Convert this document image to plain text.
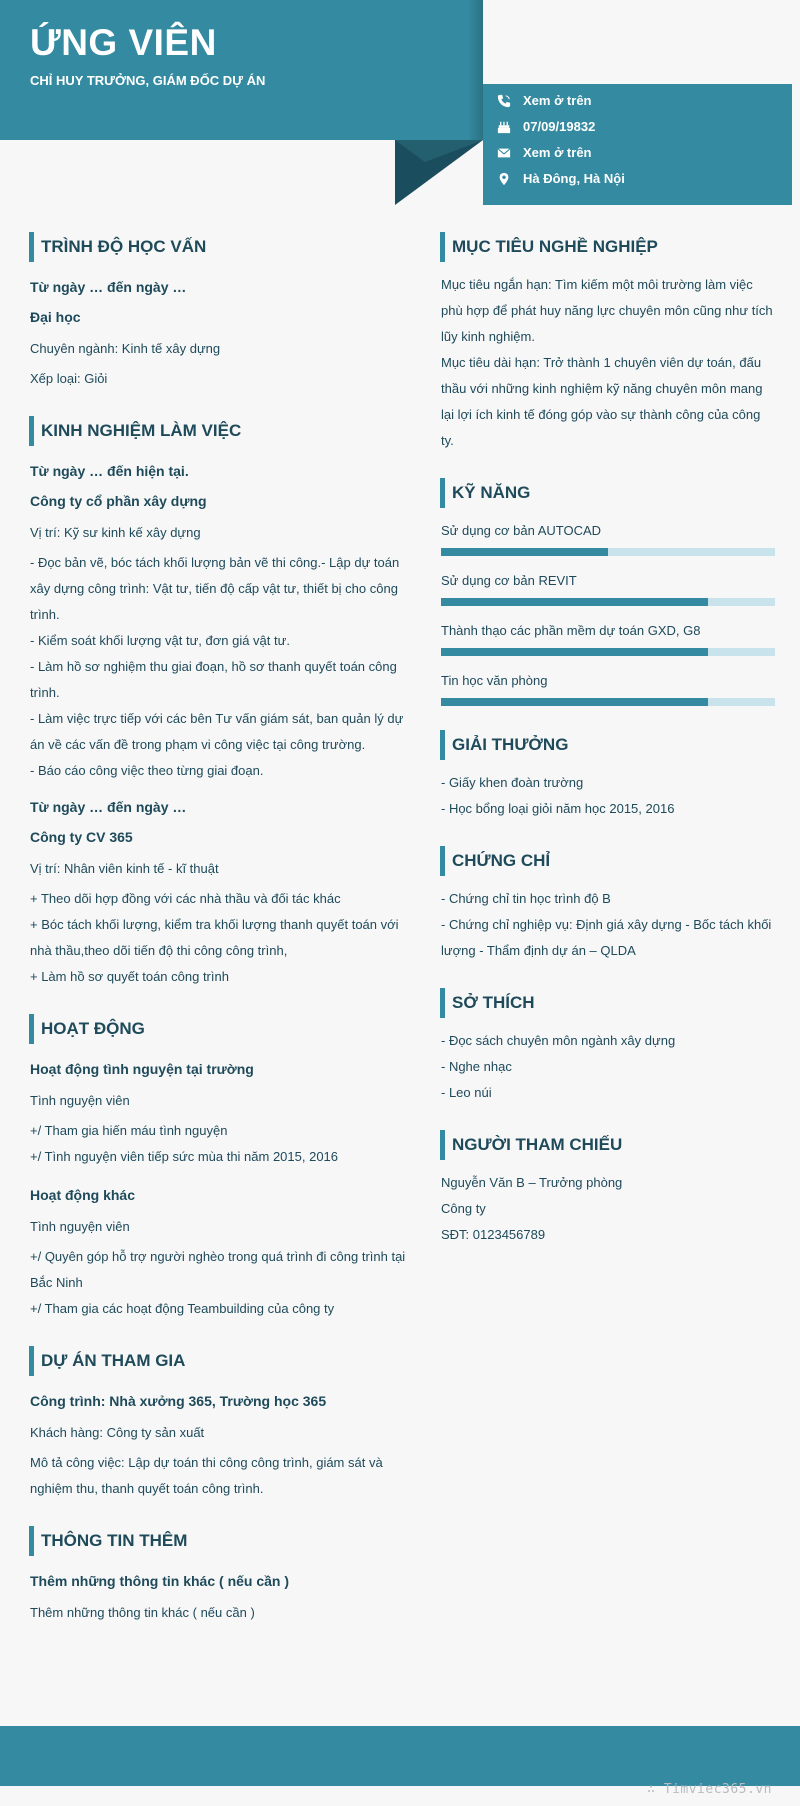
ỨNG VIÊN
CHỈ HUY TRƯỞNG, GIÁM ĐỐC DỰ ÁN
Xem ở trên
07/09/19832
Xem ở trên
Hà Đông, Hà Nội
TRÌNH ĐỘ HỌC VẤN
Từ ngày … đến ngày …
Đại học
Chuyên ngành: Kinh tế xây dựng
Xếp loại: Giỏi
KINH NGHIỆM LÀM VIỆC
Từ ngày … đến hiện tại.
Công ty cổ phần xây dựng
Vị trí: Kỹ sư kinh kế xây dựng
- Đọc bản vẽ, bóc tách khối lượng bản vẽ thi công.- Lập dự toán xây dựng công trình: Vật tư, tiến độ cấp vật tư, thiết bị cho công trình.
- Kiểm soát khối lượng vật tư, đơn giá vật tư.
- Làm hồ sơ nghiệm thu giai đoạn, hồ sơ thanh quyết toán công trình.
- Làm việc trực tiếp với các bên Tư vấn giám sát, ban quản lý dự án về các vấn đề trong phạm vi công việc tại công trường.
- Báo cáo công việc theo từng giai đoạn.
Từ ngày … đến ngày …
Công ty CV 365
Vị trí: Nhân viên kinh tế - kĩ thuật
+ Theo dõi hợp đồng với các nhà thầu và đối tác khác
+ Bóc tách khối lượng, kiểm tra khối lượng thanh quyết toán với nhà thầu,theo dõi tiến độ thi công công trình,
+ Làm hồ sơ quyết toán công trình
HOẠT ĐỘNG
Hoạt động tình nguyện tại trường
Tình nguyện viên
+/ Tham gia hiến máu tình nguyện
+/ Tình nguyện viên tiếp sức mùa thi năm 2015, 2016
Hoạt động khác
Tình nguyện viên
+/ Quyên góp hỗ trợ người nghèo trong quá trình đi công trình tại Bắc Ninh
+/ Tham gia các hoạt động Teambuilding của công ty
DỰ ÁN THAM GIA
Công trình: Nhà xưởng 365, Trường học 365
Khách hàng: Công ty sản xuất
Mô tả công việc: Lập dự toán thi công công trình, giám sát và nghiệm thu, thanh quyết toán công trình.
THÔNG TIN THÊM
Thêm những thông tin khác ( nếu cần )
Thêm những thông tin khác ( nếu cần )
MỤC TIÊU NGHỀ NGHIỆP
Mục tiêu ngắn hạn: Tìm kiếm một môi trường làm việc phù hợp để phát huy năng lực chuyên môn cũng như tích lũy kinh nghiệm.
Mục tiêu dài hạn: Trở thành 1 chuyên viên dự toán, đấu thầu với những kinh nghiệm kỹ năng chuyên môn mang lại lợi ích kinh tế đóng góp vào sự thành công của công ty.
KỸ NĂNG
Sử dụng cơ bản AUTOCAD
Sử dụng cơ bản REVIT
Thành thạo các phần mềm dự toán GXD, G8
Tin học văn phòng
GIẢI THƯỞNG
- Giấy khen đoàn trường
- Học bổng loại giỏi năm học 2015, 2016
CHỨNG CHỈ
- Chứng chỉ tin học trình độ B
- Chứng chỉ nghiệp vụ: Định giá xây dựng - Bốc tách khối lượng - Thẩm định dự án – QLDA
SỞ THÍCH
- Đọc sách chuyên môn ngành xây dựng
- Nghe nhạc
- Leo núi
NGƯỜI THAM CHIẾU
Nguyễn Văn B – Trưởng phòng
Công ty
SĐT: 0123456789
∴ Timviec365.vn
